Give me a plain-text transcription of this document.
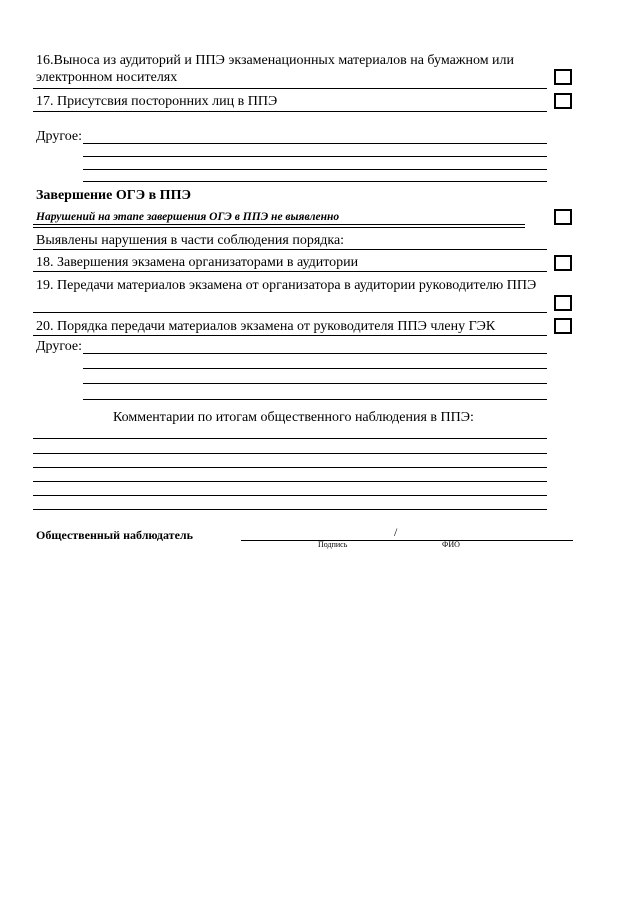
16.Выноса из аудиторий и ППЭ экзаменационных материалов на бумажном или электронном носителях
17. Присутсвия посторонних лиц в ППЭ
Другое:
Завершение ОГЭ в ППЭ
Нарушений на этапе завершения ОГЭ в ППЭ не выявленно
Выявлены нарушения в части соблюдения порядка:
18. Завершения экзамена организаторами в аудитории
19. Передачи материалов экзамена от организатора в аудитории руководителю ППЭ
20. Порядка передачи материалов экзамена от руководителя ППЭ члену ГЭК
Другое:
Комментарии по итогам общественного наблюдения в ППЭ:
Общественный наблюдатель	/
Подпись	ФИО
